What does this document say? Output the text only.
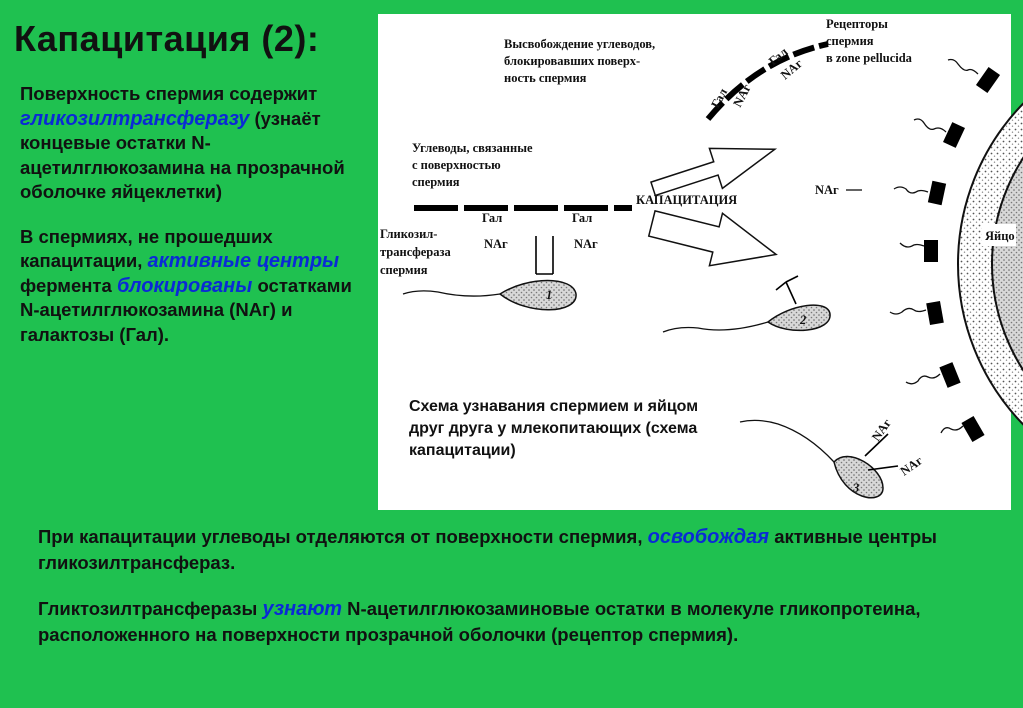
Капацитация (2):

Поверхность спермия содержит гликозилтрансферазу (узнаёт концевые остатки N-ацетилглюкозамина на прозрачной оболочке яйцеклетки)

В спермиях, не прошедших капацитации, активные центры фермента блокированы остатками N-ацетилглюкозамина (NАг) и галактозы (Гал).

Яйцо
Высвобождение углеводов,
блокировавших поверх-
ность спермия
Рецепторы
спермия
в zone pellucida
Углеводы, связанные
с поверхностью
спермия
Гликозил-
трансфераза
спермия
Гал NAг
Гал
NAг
Гал	Гал
NAг	NAг
КАПАЦИТАЦИЯ
1
2
3
NAг
NAг
NAг
Схема узнавания спермием и яйцом друг друга у млекопитающих (схема капацитации)

При капацитации углеводы отделяются от поверхности спермия, освобождая активные центры гликозилтрансфераз.

Гликтозилтрансферазы узнают N-ацетилглюкозаминовые остатки в молекуле гликопротеина, расположенного на поверхности прозрачной оболочки (рецептор спермия).
